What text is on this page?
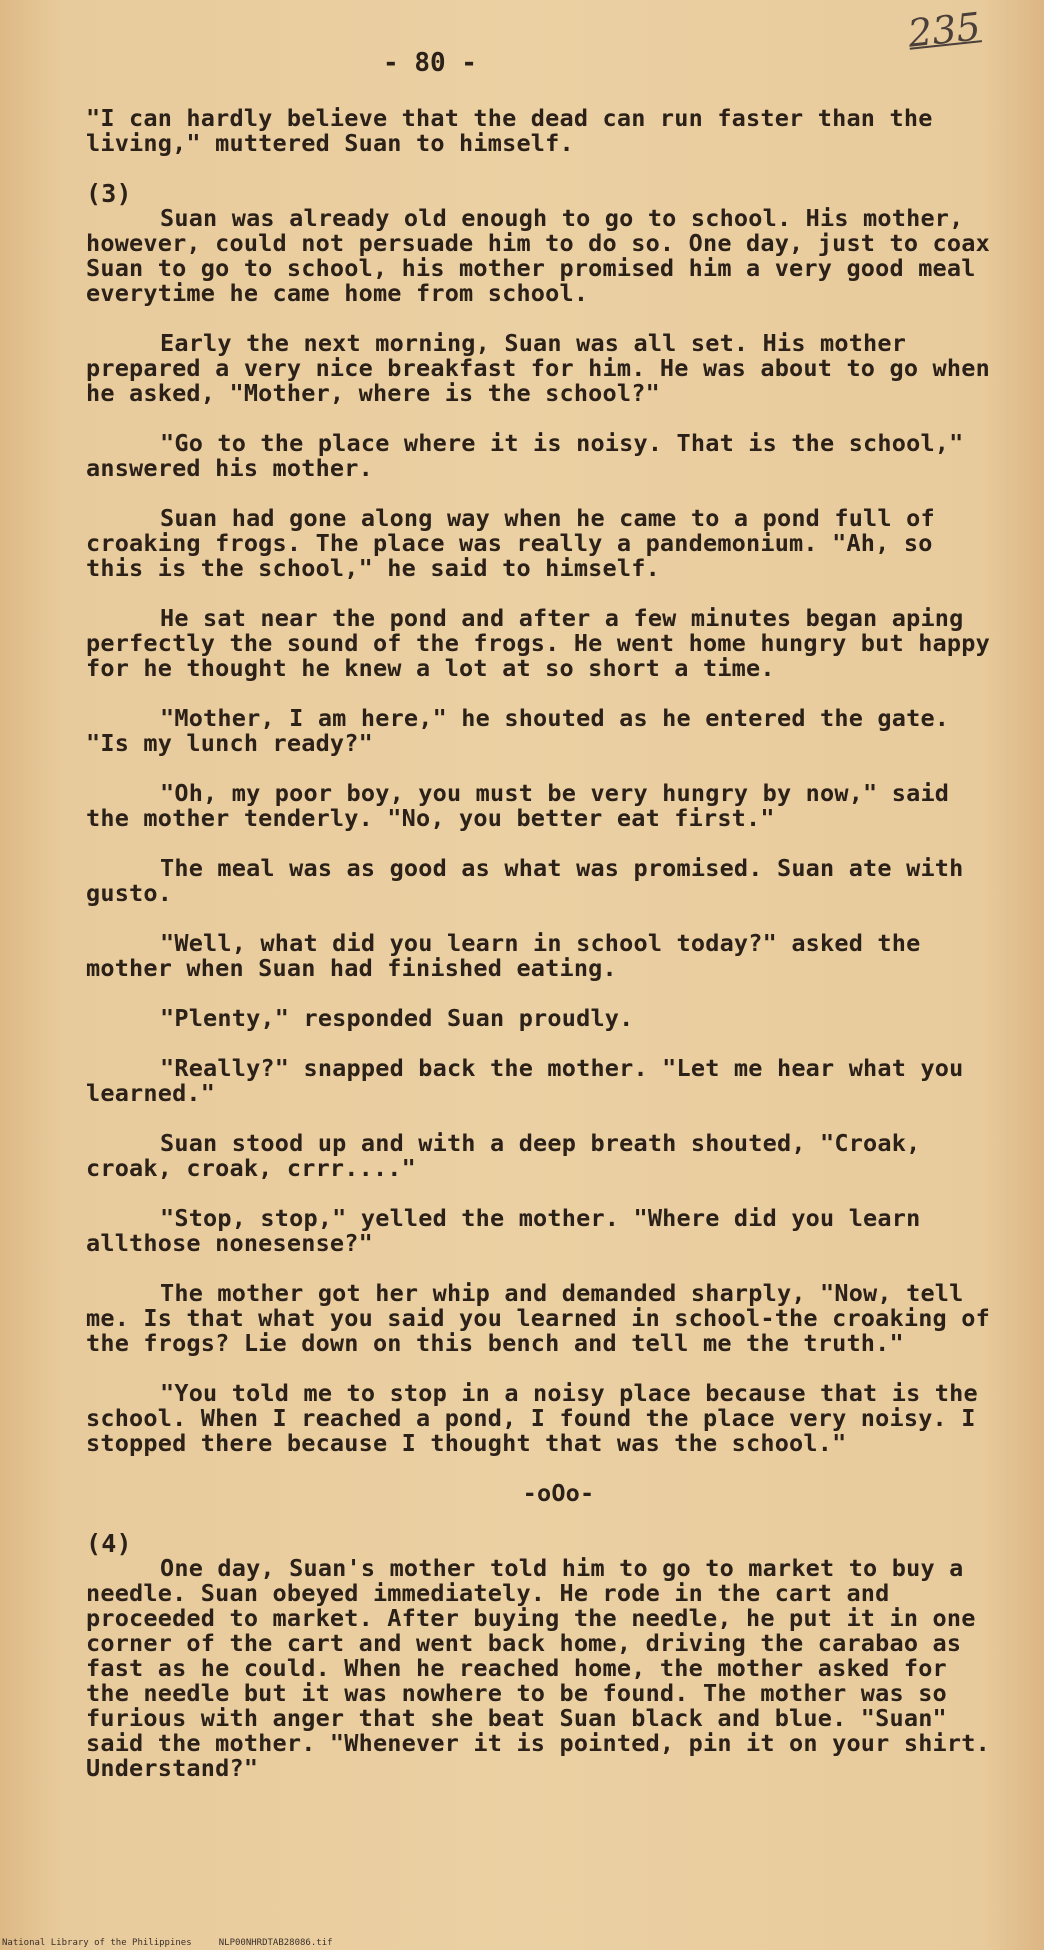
235
- 80 -
"I can hardly believe that the dead can run faster than the living," muttered Suan to himself.
(3)
Suan was already old enough to go to school. His mother, however, could not persuade him to do so. One day, just to coax Suan to go to school, his mother promised him a very good meal everytime he came home from school.
Early the next morning, Suan was all set. His mother prepared a very nice breakfast for him. He was about to go when he asked, "Mother, where is the school?"
"Go to the place where it is noisy. That is the school," answered his mother.
Suan had gone along way when he came to a pond full of croaking frogs. The place was really a pandemonium. "Ah, so this is the school," he said to himself.
He sat near the pond and after a few minutes began aping perfectly the sound of the frogs. He went home hungry but happy for he thought he knew a lot at so short a time.
"Mother, I am here," he shouted as he entered the gate. "Is my lunch ready?"
"Oh, my poor boy, you must be very hungry by now," said the mother tenderly. "No, you better eat first."
The meal was as good as what was promised. Suan ate with gusto.
"Well, what did you learn in school today?" asked the mother when Suan had finished eating.
"Plenty," responded Suan proudly.
"Really?" snapped back the mother. "Let me hear what you learned."
Suan stood up and with a deep breath shouted, "Croak, croak, croak, crrr...."
"Stop, stop," yelled the mother. "Where did you learn allthose nonesense?"
The mother got her whip and demanded sharply, "Now, tell me. Is that what you said you learned in school-the croaking of the frogs? Lie down on this bench and tell me the truth."
"You told me to stop in a noisy place because that is the school. When I reached a pond, I found the place very noisy. I stopped there because I thought that was the school."
-oOo-
(4)
One day, Suan's mother told him to go to market to buy a needle. Suan obeyed immediately. He rode in the cart and proceeded to market. After buying the needle, he put it in one corner of the cart and went back home, driving the carabao as fast as he could. When he reached home, the mother asked for the needle but it was nowhere to be found. The mother was so furious with anger that she beat Suan black and blue. "Suan" said the mother. "Whenever it is pointed, pin it on your shirt. Understand?"
National Library of the Philippines     NLP00NHRDTAB28086.tif
